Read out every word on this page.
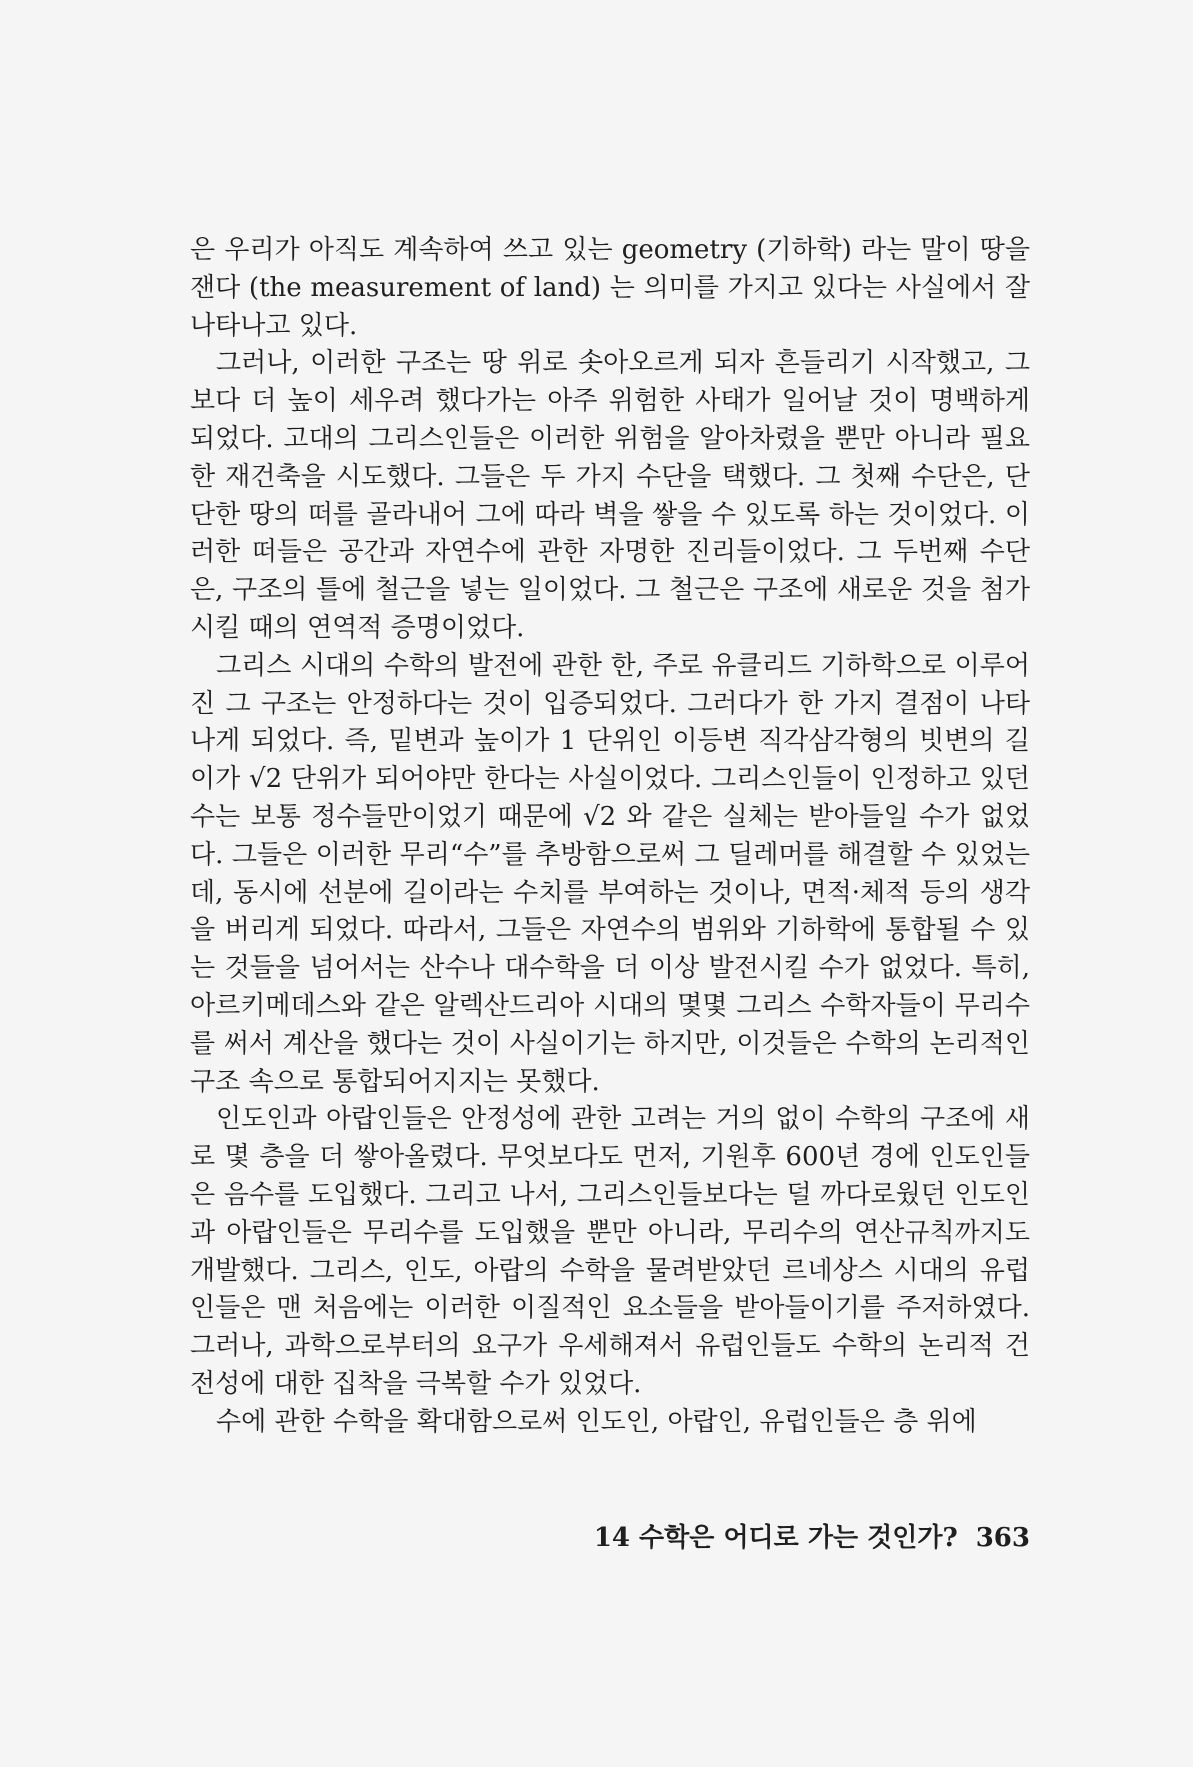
은 우리가 아직도 계속하여 쓰고 있는 geometry (기하학) 라는 말이 땅을 잰다 (the measurement of land) 는 의미를 가지고 있다는 사실에서 잘 나타나고 있다.

그러나, 이러한 구조는 땅 위로 솟아오르게 되자 흔들리기 시작했고, 그보다 더 높이 세우려 했다가는 아주 위험한 사태가 일어날 것이 명백하게 되었다. 고대의 그리스인들은 이러한 위험을 알아차렸을 뿐만 아니라 필요한 재건축을 시도했다. 그들은 두 가지 수단을 택했다. 그 첫째 수단은, 단단한 땅의 떠를 골라내어 그에 따라 벽을 쌓을 수 있도록 하는 것이었다. 이러한 떠들은 공간과 자연수에 관한 자명한 진리들이었다. 그 두번째 수단은, 구조의 틀에 철근을 넣는 일이었다. 그 철근은 구조에 새로운 것을 첨가시킬 때의 연역적 증명이었다.

그리스 시대의 수학의 발전에 관한 한, 주로 유클리드 기하학으로 이루어진 그 구조는 안정하다는 것이 입증되었다. 그러다가 한 가지 결점이 나타나게 되었다. 즉, 밑변과 높이가 1 단위인 이등변 직각삼각형의 빗변의 길이가 √2 단위가 되어야만 한다는 사실이었다. 그리스인들이 인정하고 있던 수는 보통 정수들만이었기 때문에 √2 와 같은 실체는 받아들일 수가 없었다. 그들은 이러한 무리“수”를 추방함으로써 그 딜레머를 해결할 수 있었는데, 동시에 선분에 길이라는 수치를 부여하는 것이나, 면적·체적 등의 생각을 버리게 되었다. 따라서, 그들은 자연수의 범위와 기하학에 통합될 수 있는 것들을 넘어서는 산수나 대수학을 더 이상 발전시킬 수가 없었다. 특히, 아르키메데스와 같은 알렉산드리아 시대의 몇몇 그리스 수학자들이 무리수를 써서 계산을 했다는 것이 사실이기는 하지만, 이것들은 수학의 논리적인 구조 속으로 통합되어지지는 못했다.

인도인과 아랍인들은 안정성에 관한 고려는 거의 없이 수학의 구조에 새로 몇 층을 더 쌓아올렸다. 무엇보다도 먼저, 기원후 600년 경에 인도인들은 음수를 도입했다. 그리고 나서, 그리스인들보다는 덜 까다로웠던 인도인과 아랍인들은 무리수를 도입했을 뿐만 아니라, 무리수의 연산규칙까지도 개발했다. 그리스, 인도, 아랍의 수학을 물려받았던 르네상스 시대의 유럽인들은 맨 처음에는 이러한 이질적인 요소들을 받아들이기를 주저하였다. 그러나, 과학으로부터의 요구가 우세해져서 유럽인들도 수학의 논리적 건전성에 대한 집착을 극복할 수가 있었다.

수에 관한 수학을 확대함으로써 인도인, 아랍인, 유럽인들은 층 위에

14 수학은 어디로 가는 것인가? 363
